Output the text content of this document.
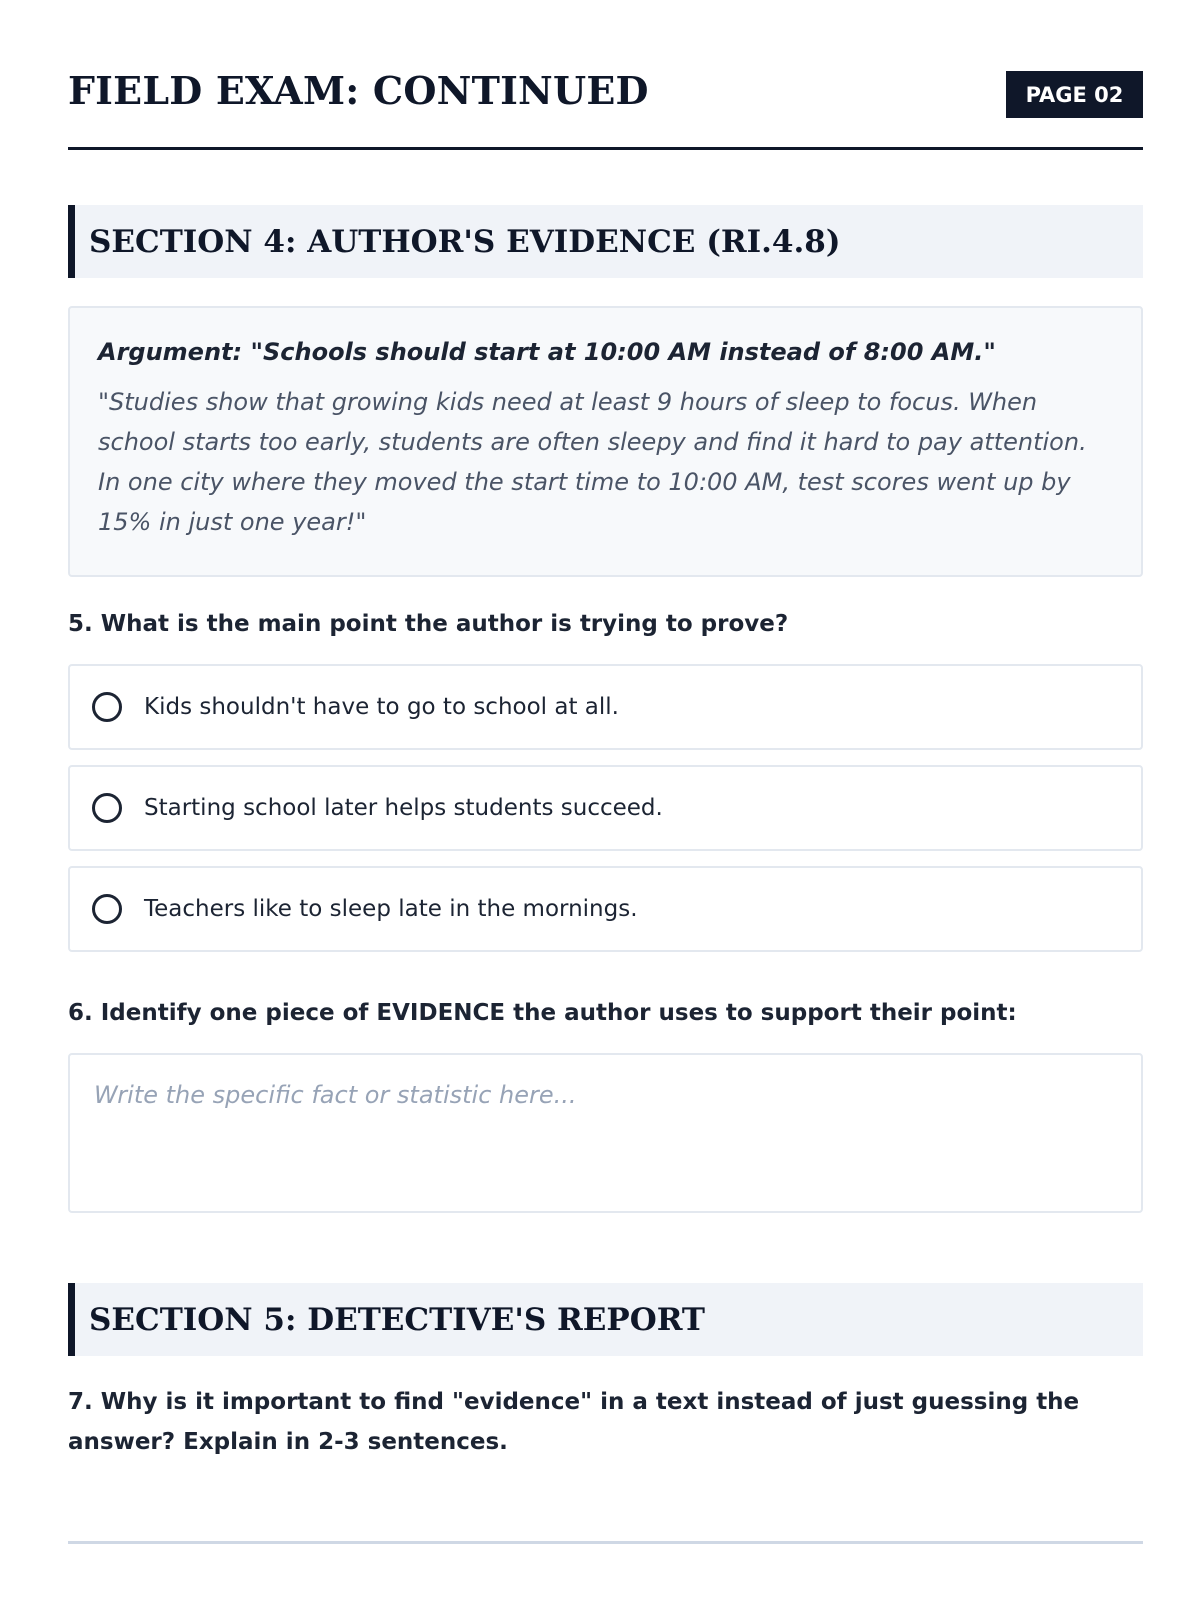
FIELD EXAM: CONTINUED	PAGE 02
SECTION 4: AUTHOR'S EVIDENCE (RI.4.8)

Argument: "Schools should start at 10:00 AM instead of 8:00 AM."

"Studies show that growing kids need at least 9 hours of sleep to focus. When school starts too early, students are often sleepy and find it hard to pay attention. In one city where they moved the start time to 10:00 AM, test scores went up by 15% in just one year!"

5. What is the main point the author is trying to prove?

Kids shouldn't have to go to school at all.
Starting school later helps students succeed.
Teachers like to sleep late in the mornings.

6. Identify one piece of EVIDENCE the author uses to support their point:

Write the specific fact or statistic here...
SECTION 5: DETECTIVE'S REPORT

7. Why is it important to find "evidence" in a text instead of just guessing the answer? Explain in 2-3 sentences.
